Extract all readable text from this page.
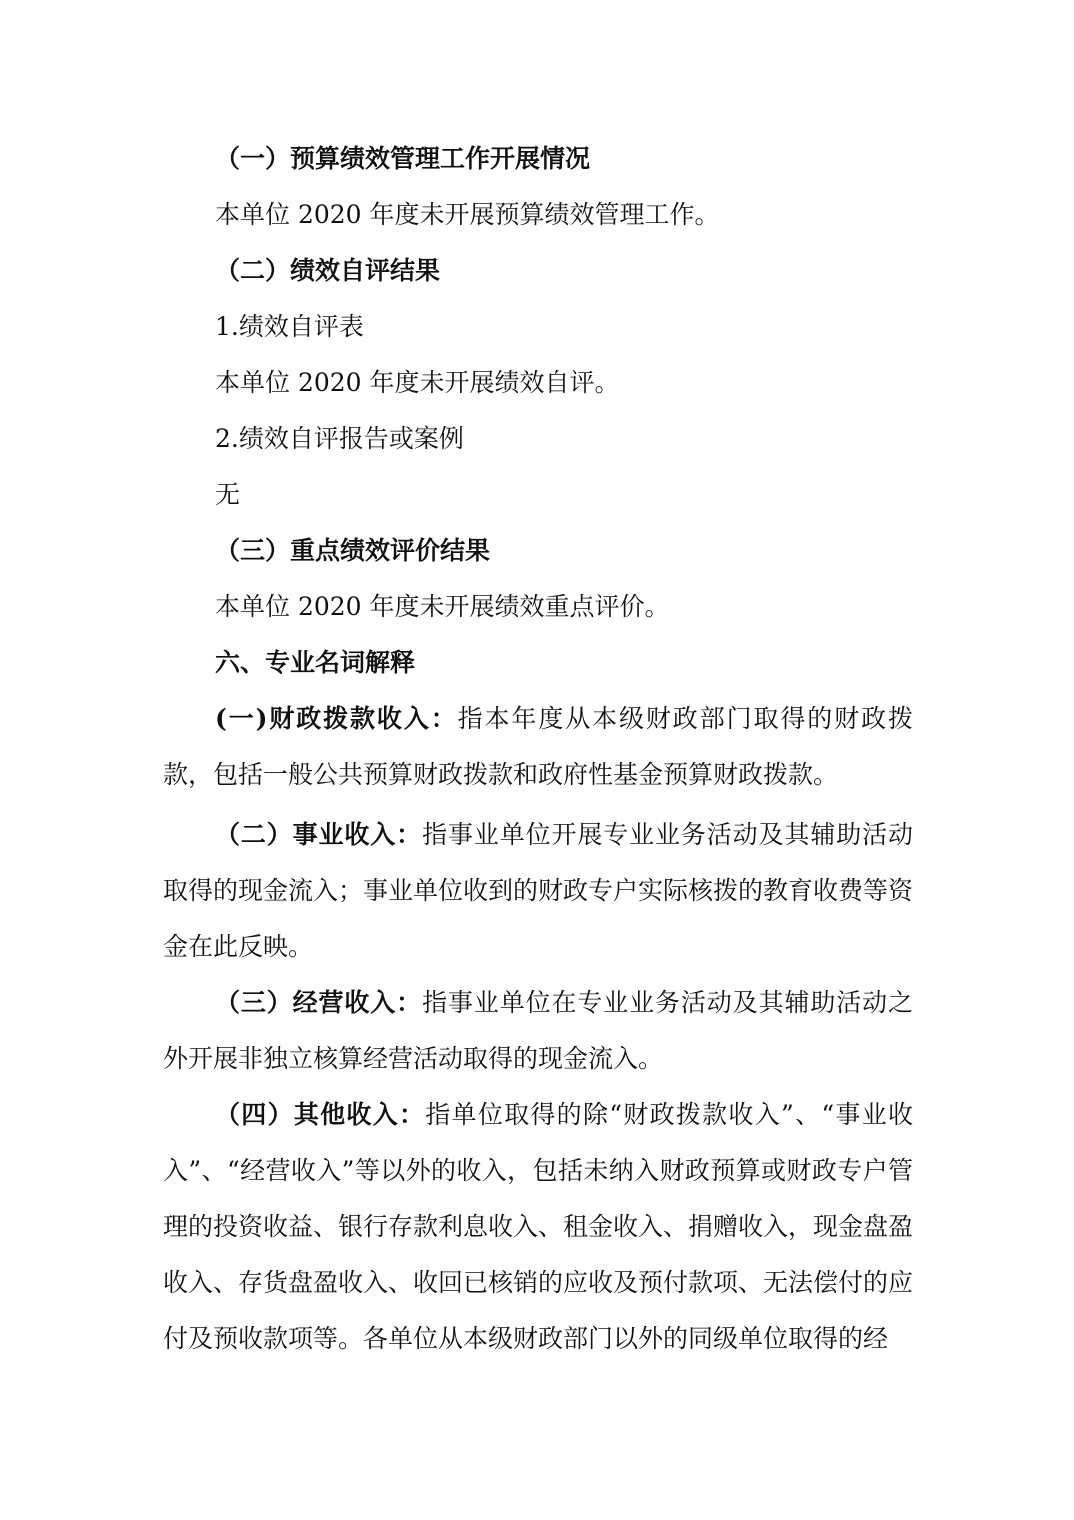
（一）预算绩效管理工作开展情况

本单位 2020 年度未开展预算绩效管理工作。

（二）绩效自评结果

1.绩效自评表

本单位 2020 年度未开展绩效自评。

2.绩效自评报告或案例

无

（三）重点绩效评价结果

本单位 2020 年度未开展绩效重点评价。

六、专业名词解释

(一)财政拨款收入：指本年度从本级财政部门取得的财政拨款，包括一般公共预算财政拨款和政府性基金预算财政拨款。

（二）事业收入：指事业单位开展专业业务活动及其辅助活动取得的现金流入；事业单位收到的财政专户实际核拨的教育收费等资金在此反映。

（三）经营收入：指事业单位在专业业务活动及其辅助活动之外开展非独立核算经营活动取得的现金流入。

（四）其他收入：指单位取得的除“财政拨款收入”、“事业收入”、“经营收入”等以外的收入，包括未纳入财政预算或财政专户管理的投资收益、银行存款利息收入、租金收入、捐赠收入，现金盘盈收入、存货盘盈收入、收回已核销的应收及预付款项、无法偿付的应付及预收款项等。各单位从本级财政部门以外的同级单位取得的经
